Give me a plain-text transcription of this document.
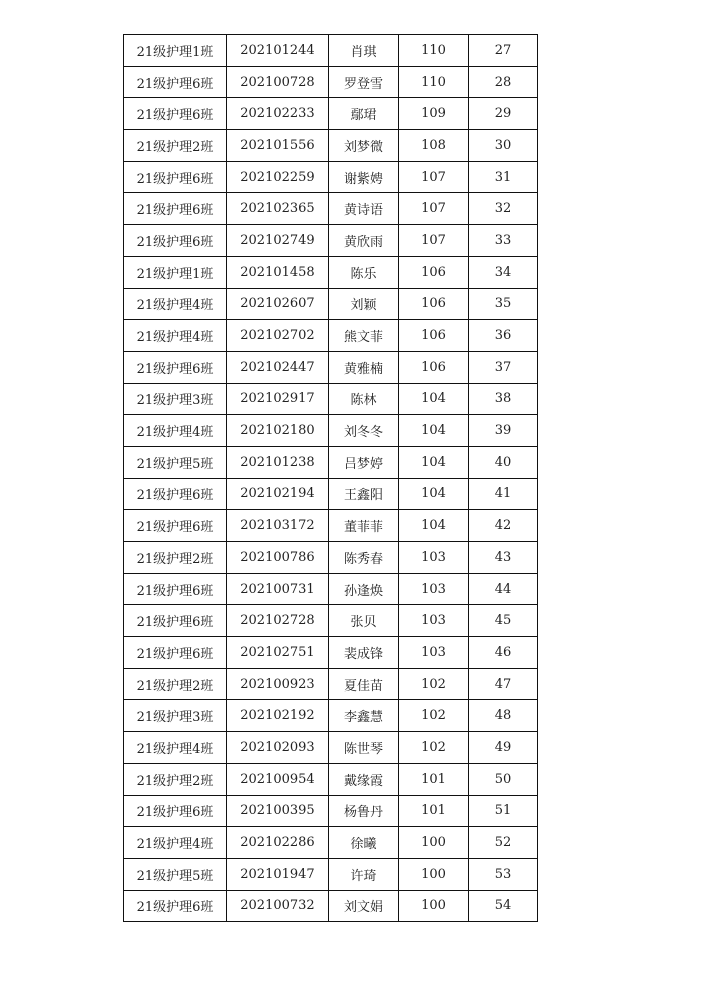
21级护理1班	202101244	肖琪	110	27
21级护理6班	202100728	罗登雪	110	28
21级护理6班	202102233	鄢珺	109	29
21级护理2班	202101556	刘梦微	108	30
21级护理6班	202102259	谢紫娉	107	31
21级护理6班	202102365	黄诗语	107	32
21级护理6班	202102749	黄欣雨	107	33
21级护理1班	202101458	陈乐	106	34
21级护理4班	202102607	刘颖	106	35
21级护理4班	202102702	熊文菲	106	36
21级护理6班	202102447	黄雅楠	106	37
21级护理3班	202102917	陈林	104	38
21级护理4班	202102180	刘冬冬	104	39
21级护理5班	202101238	吕梦婷	104	40
21级护理6班	202102194	王鑫阳	104	41
21级护理6班	202103172	董菲菲	104	42
21级护理2班	202100786	陈秀春	103	43
21级护理6班	202100731	孙逢焕	103	44
21级护理6班	202102728	张贝	103	45
21级护理6班	202102751	裴成锋	103	46
21级护理2班	202100923	夏佳苗	102	47
21级护理3班	202102192	李鑫慧	102	48
21级护理4班	202102093	陈世琴	102	49
21级护理2班	202100954	戴缘霞	101	50
21级护理6班	202100395	杨鲁丹	101	51
21级护理4班	202102286	徐曦	100	52
21级护理5班	202101947	许琦	100	53
21级护理6班	202100732	刘文娟	100	54
